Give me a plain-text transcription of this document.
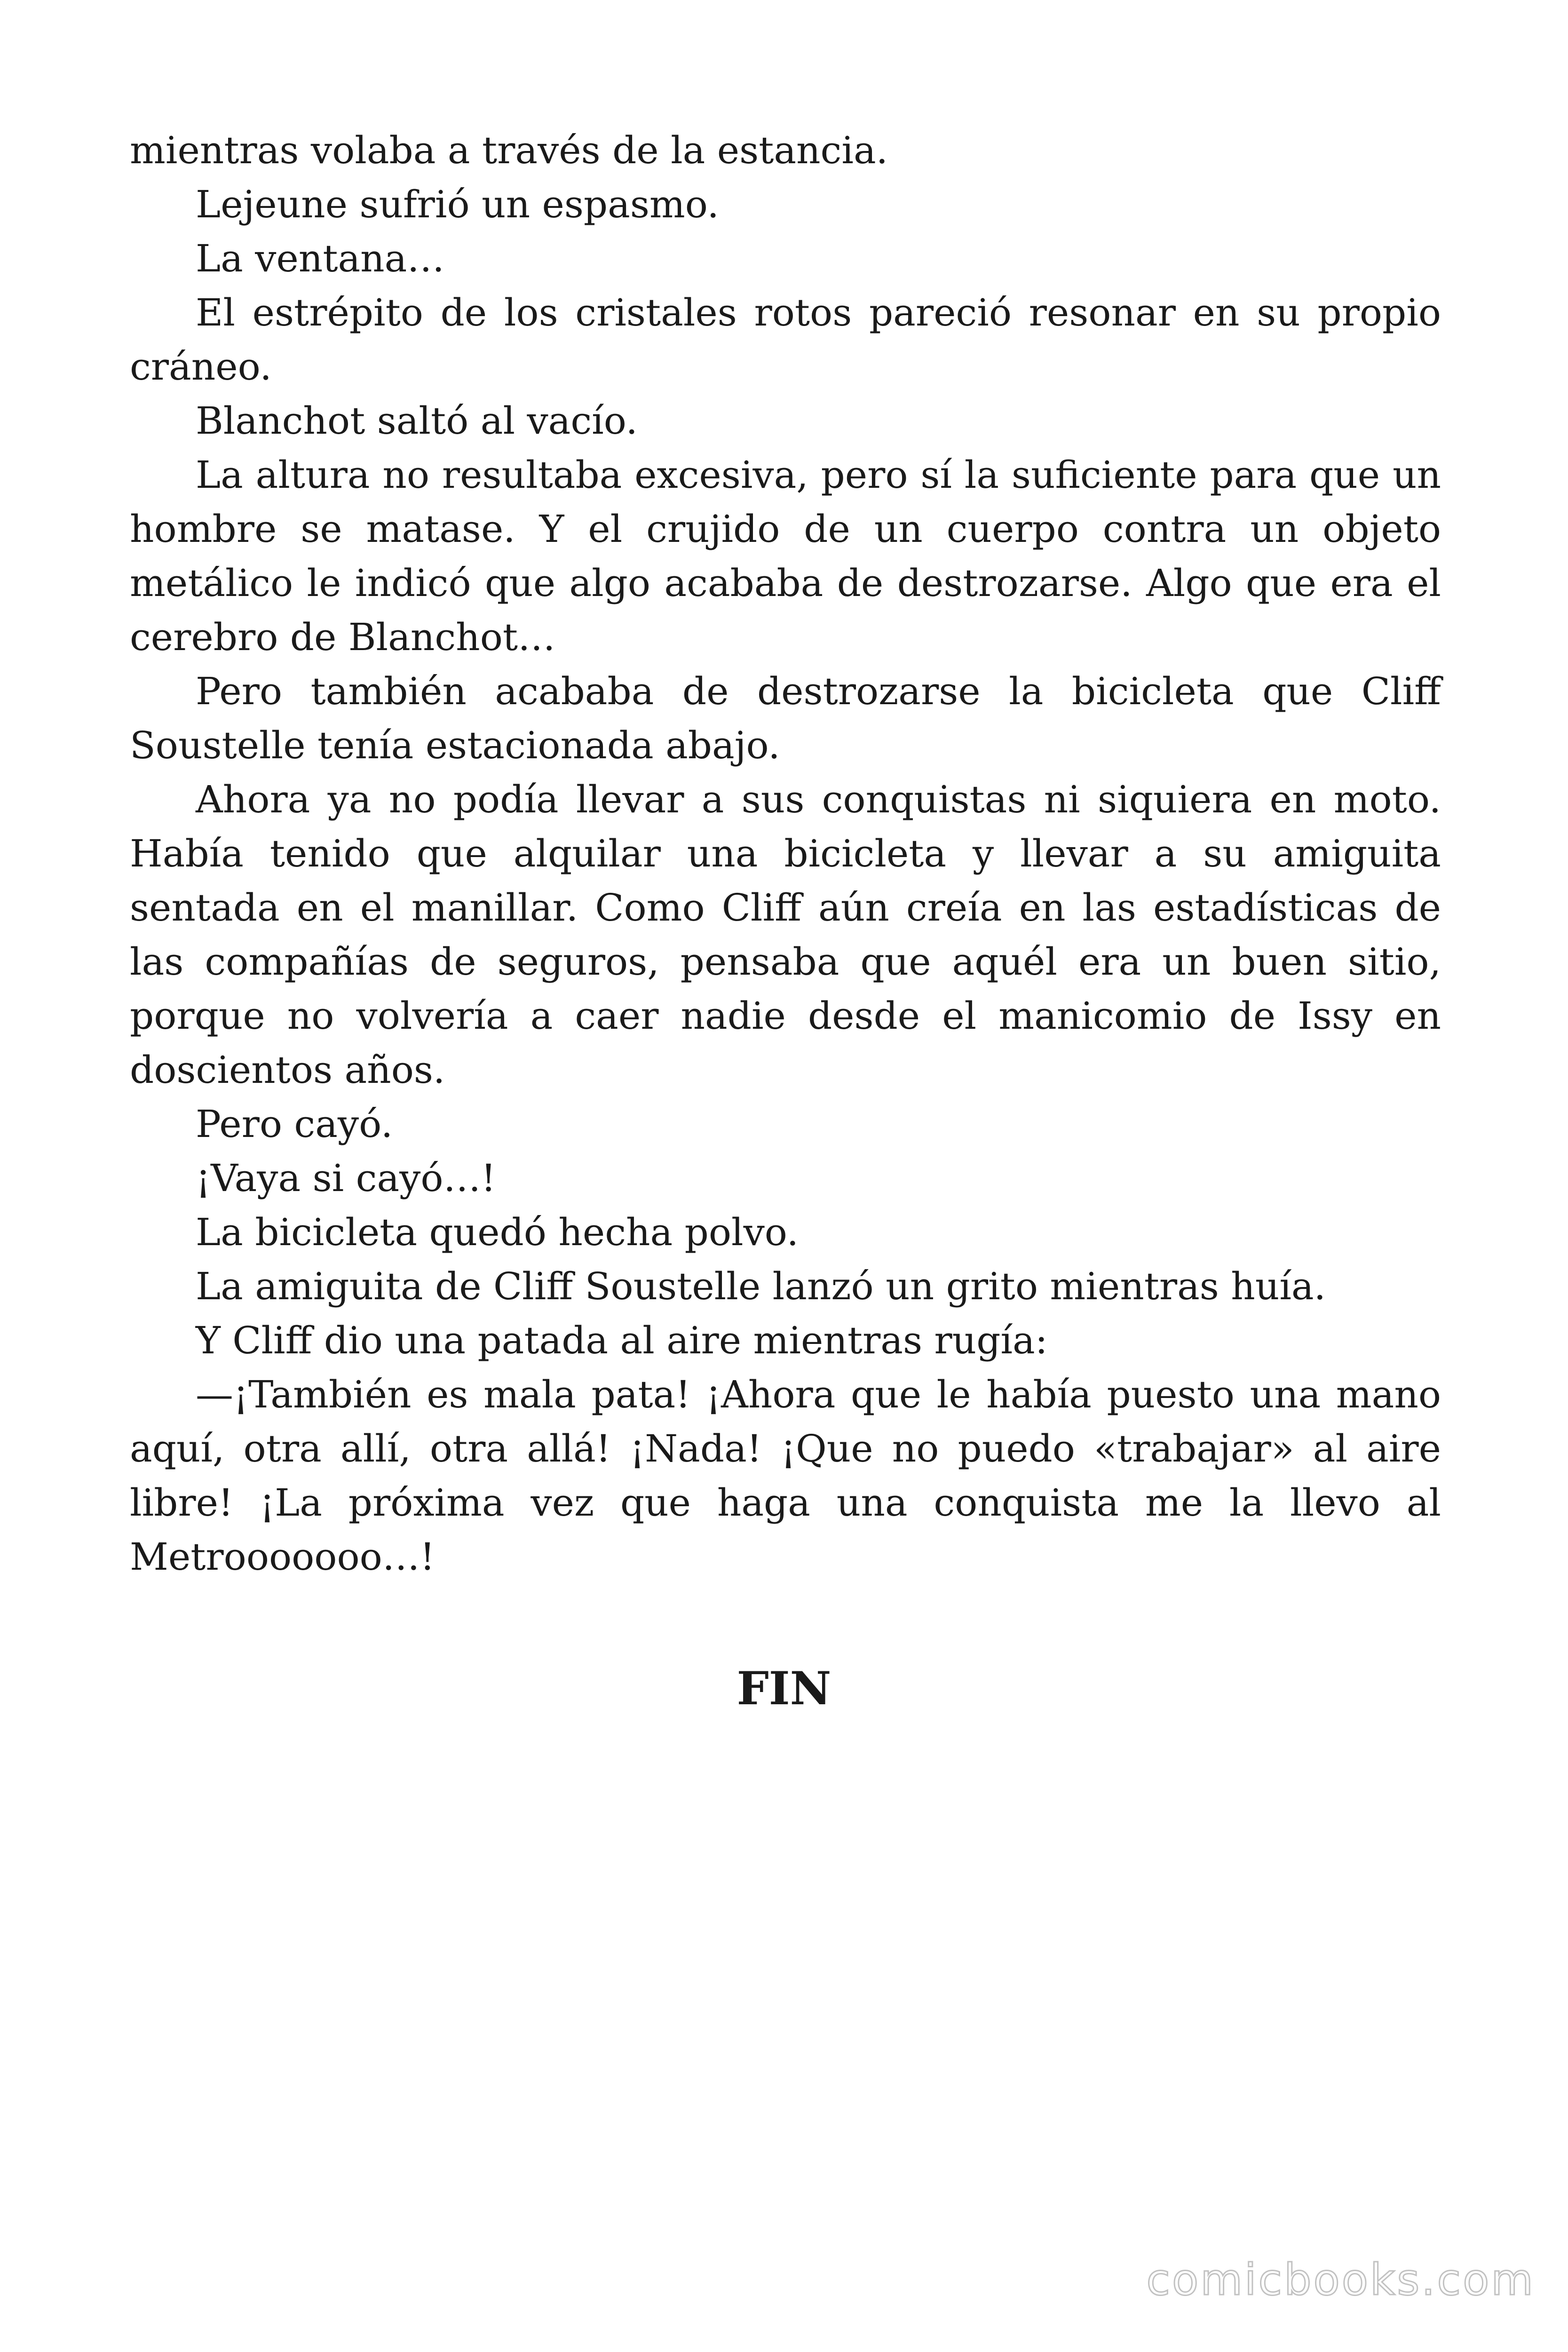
mientras volaba a través de la estancia.

Lejeune sufrió un espasmo.

La ventana…

El estrépito de los cristales rotos pareció resonar en su propio cráneo.

Blanchot saltó al vacío.

La altura no resultaba excesiva, pero sí la suficiente para que un hombre se matase. Y el crujido de un cuerpo contra un objeto metálico le indicó que algo acababa de destrozarse. Algo que era el cerebro de Blanchot…

Pero también acababa de destrozarse la bicicleta que Cliff Soustelle tenía estacionada abajo.

Ahora ya no podía llevar a sus conquistas ni siquiera en moto. Había tenido que alquilar una bicicleta y llevar a su amiguita sentada en el manillar. Como Cliff aún creía en las estadísticas de las compañías de seguros, pensaba que aquél era un buen sitio, porque no volvería a caer nadie desde el manicomio de Issy en doscientos años.

Pero cayó.

¡Vaya si cayó…!

La bicicleta quedó hecha polvo.

La amiguita de Cliff Soustelle lanzó un grito mientras huía.

Y Cliff dio una patada al aire mientras rugía:

—¡También es mala pata! ¡Ahora que le había puesto una mano aquí, otra allí, otra allá! ¡Nada! ¡Que no puedo «trabajar» al aire libre! ¡La próxima vez que haga una conquista me la llevo al Metrooooooo…!

FIN
comicbooks.com
